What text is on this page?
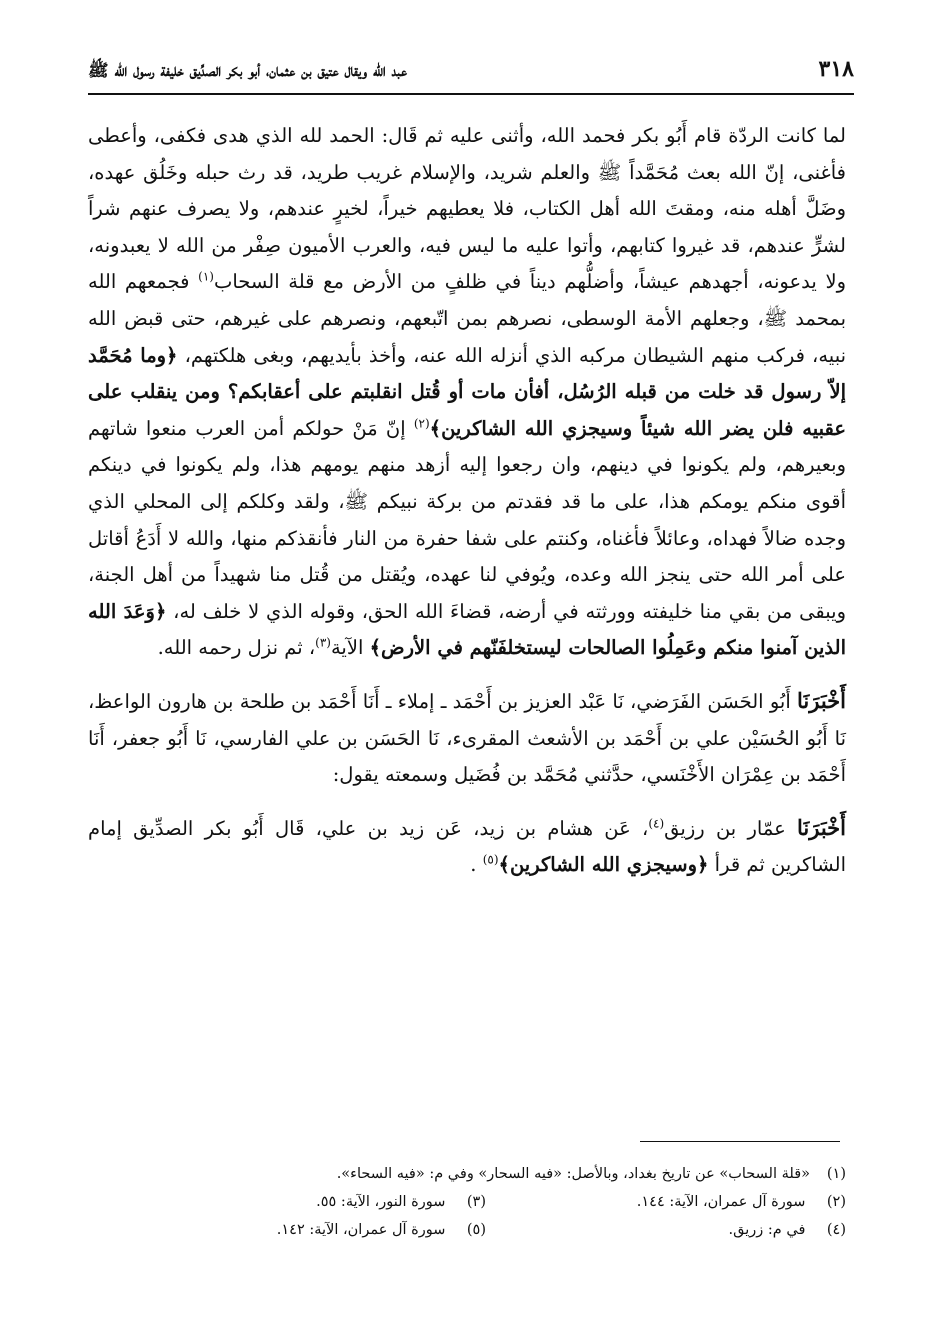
٣١٨
عبد الله ويقال عتيق بن عثمان، أبو بكر الصدِّيق خليفة رسول الله ﷺ

لما كانت الردّة قام أَبُو بكر فحمد الله، وأثنى عليه ثم قَال: الحمد لله الذي هدى فكفى، وأعطى فأغنى، إنّ الله بعث مُحَمَّداً ﷺ والعلم شريد، والإسلام غريب طريد، قد رث حبله وخَلُق عهده، وضَلَّ أهله منه، ومقتَ الله أهل الكتاب، فلا يعطيهم خيراً، لخيرٍ عندهم، ولا يصرف عنهم شراً لشرٍّ عندهم، قد غيروا كتابهم، وأتوا عليه ما ليس فيه، والعرب الأميون صِفْر من الله لا يعبدونه، ولا يدعونه، أجهدهم عيشاً، وأضلُّهم ديناً في ظلفٍ من الأرض مع قلة السحاب$^{(١)}$ فجمعهم الله بمحمد ﷺ، وجعلهم الأمة الوسطى، نصرهم بمن اتّبعهم، ونصرهم على غيرهم، حتى قبض الله نبيه، فركب منهم الشيطان مركبه الذي أنزله الله عنه، وأخذ بأيديهم، وبغى هلكتهم، ﴿وما مُحَمَّد إلاّ رسول قد خلت من قبله الرُسُل، أفأن مات أو قُتل انقلبتم على أعقابكم؟ ومن ينقلب على عقبيه فلن يضر الله شيئاً وسيجزي الله الشاكرين﴾$^{(٢)}$ إنّ مَنْ حولكم أمن العرب منعوا شاتهم وبعيرهم، ولم يكونوا في دينهم، وان رجعوا إليه أزهد منهم يومهم هذا، ولم يكونوا في دينكم أقوى منكم يومكم هذا، على ما قد فقدتم من بركة نبيكم ﷺ، ولقد وكلكم إلى المحلي الذي وجده ضالاً فهداه، وعائلاً فأغناه، وكنتم على شفا حفرة من النار فأنقذكم منها، والله لا أَدَعُ أقاتل على أمر الله حتى ينجز الله وعده، ويُوفي لنا عهده، ويُقتل من قُتل منا شهيداً من أهل الجنة، ويبقى من بقي منا خليفته وورثته في أرضه، قضاءَ الله الحق، وقوله الذي لا خلف له، ﴿وَعَدَ الله الذين آمنوا منكم وعَمِلُوا الصالحات ليستخلفَنّهم في الأرض﴾ الآية$^{(٣)}$، ثم نزل رحمه الله.

أَخْبَرَنَا أَبُو الحَسَن الفَرَضي، نَا عَبْد العزيز بن أَحْمَد ـ إملاء ـ أَنَا أَحْمَد بن طلحة بن هارون الواعظ، نَا أَبُو الحُسَيْن علي بن أَحْمَد بن الأشعث المقرىء، نَا الحَسَن بن علي الفارسي، نَا أَبُو جعفر، أَنَا أَحْمَد بن عِمْرَان الأَخْنَسي، حدَّثني مُحَمَّد بن فُضَيل وسمعته يقول:

أَخْبَرَنَا عمّار بن رزيق$^{(٤)}$، عَن هشام بن زيد، عَن زيد بن علي، قَال أَبُو بكر الصدِّيق إمام الشاكرين ثم قرأ ﴿وسيجزي الله الشاكرين﴾$^{(٥)}$ .

(١)
«قلة السحاب» عن تاريخ بغداد، وبالأصل: «فيه السحار» وفي م: «فيه السحاء».
(٢) سورة آل عمران، الآية: ١٤٤.
(٣) سورة النور، الآية: ٥٥.
(٤) في م: زريق.
(٥) سورة آل عمران، الآية: ١٤٢.
